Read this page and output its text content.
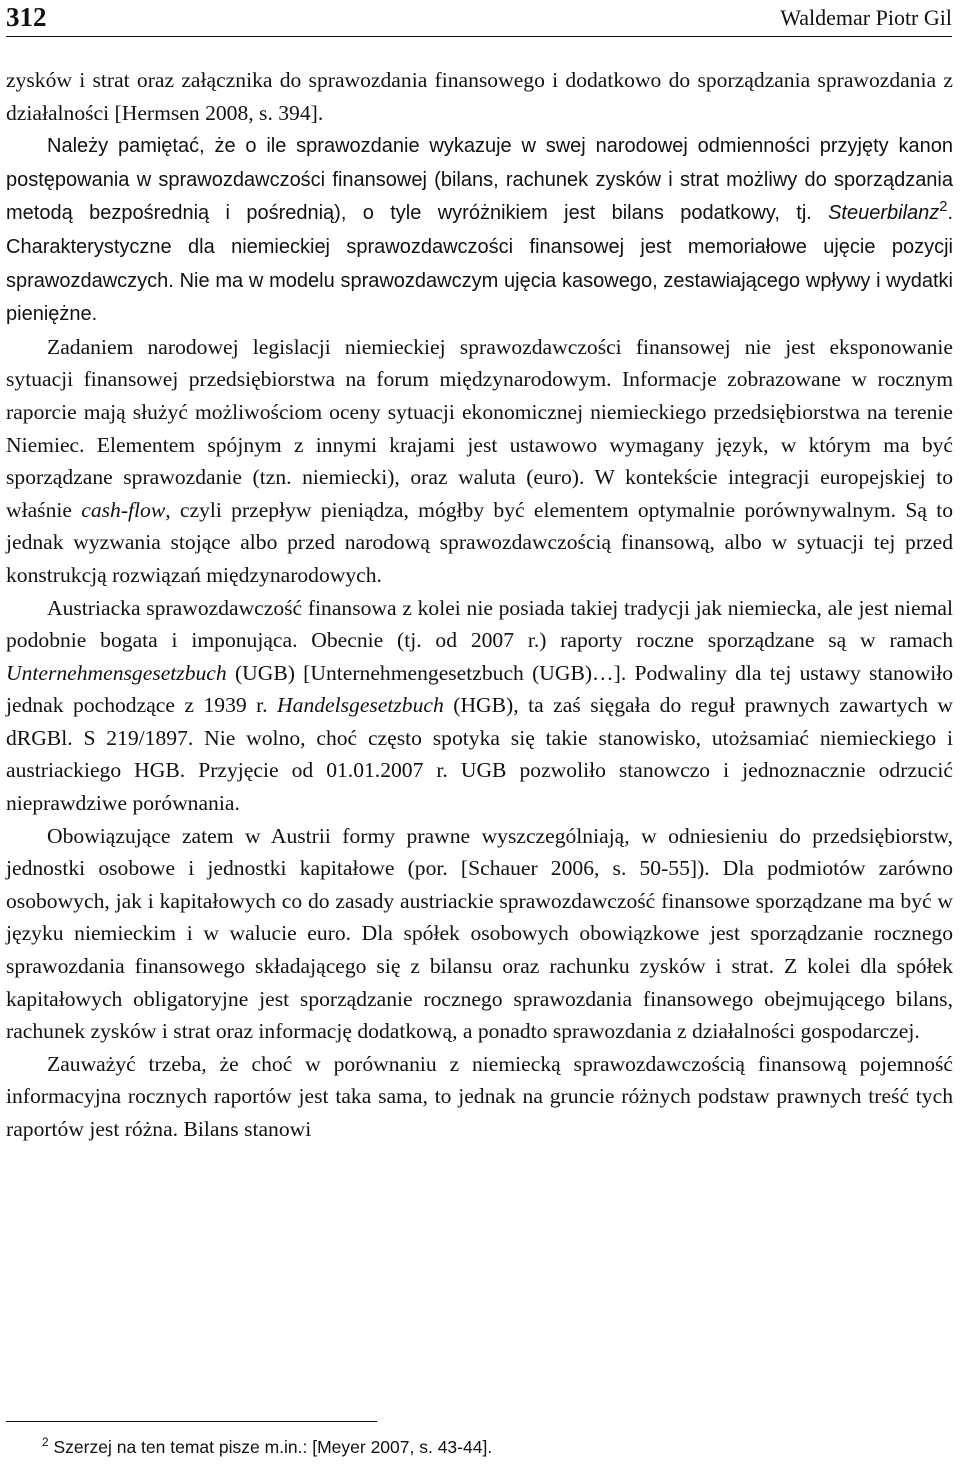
312	Waldemar Piotr Gil

zysków i strat oraz załącznika do sprawozdania finansowego i dodatkowo do sporządzania sprawozdania z działalności [Hermsen 2008, s. 394].

Należy pamiętać, że o ile sprawozdanie wykazuje w swej narodowej odmienności przyjęty kanon postępowania w sprawozdawczości finansowej (bilans, rachunek zysków i strat możliwy do sporządzania metodą bezpośrednią i pośrednią), o tyle wyróżnikiem jest bilans podatkowy, tj. Steuerbilanz$^2$. Charakterystyczne dla niemieckiej sprawozdawczości finansowej jest memoriałowe ujęcie pozycji sprawozdawczych. Nie ma w modelu sprawozdawczym ujęcia kasowego, zestawiającego wpływy i wydatki pieniężne.

Zadaniem narodowej legislacji niemieckiej sprawozdawczości finansowej nie jest eksponowanie sytuacji finansowej przedsiębiorstwa na forum międzynarodowym. Informacje zobrazowane w rocznym raporcie mają służyć możliwościom oceny sytuacji ekonomicznej niemieckiego przedsiębiorstwa na terenie Niemiec. Elementem spójnym z innymi krajami jest ustawowo wymagany język, w którym ma być sporządzane sprawozdanie (tzn. niemiecki), oraz waluta (euro). W kontekście integracji europejskiej to właśnie cash-flow, czyli przepływ pieniądza, mógłby być elementem optymalnie porównywalnym. Są to jednak wyzwania stojące albo przed narodową sprawozdawczością finansową, albo w sytuacji tej przed konstrukcją rozwiązań międzynarodowych.

Austriacka sprawozdawczość finansowa z kolei nie posiada takiej tradycji jak niemiecka, ale jest niemal podobnie bogata i imponująca. Obecnie (tj. od 2007 r.) raporty roczne sporządzane są w ramach Unternehmensgesetzbuch (UGB) [Unternehmengesetzbuch (UGB)…]. Podwaliny dla tej ustawy stanowiło jednak pochodzące z 1939 r. Handelsgesetzbuch (HGB), ta zaś sięgała do reguł prawnych zawartych w dRGBl. S 219/1897. Nie wolno, choć często spotyka się takie stanowisko, utożsamiać niemieckiego i austriackiego HGB. Przyjęcie od 01.01.2007 r. UGB pozwoliło stanowczo i jednoznacznie odrzucić nieprawdziwe porównania.

Obowiązujące zatem w Austrii formy prawne wyszczególniają, w odniesieniu do przedsiębiorstw, jednostki osobowe i jednostki kapitałowe (por. [Schauer 2006, s. 50-55]). Dla podmiotów zarówno osobowych, jak i kapitałowych co do zasady austriackie sprawozdawczość finansowe sporządzane ma być w języku niemieckim i w walucie euro. Dla spółek osobowych obowiązkowe jest sporządzanie rocznego sprawozdania finansowego składającego się z bilansu oraz rachunku zysków i strat. Z kolei dla spółek kapitałowych obligatoryjne jest sporządzanie rocznego sprawozdania finansowego obejmującego bilans, rachunek zysków i strat oraz informację dodatkową, a ponadto sprawozdania z działalności gospodarczej.

Zauważyć trzeba, że choć w porównaniu z niemiecką sprawozdawczością finansową pojemność informacyjna rocznych raportów jest taka sama, to jednak na gruncie różnych podstaw prawnych treść tych raportów jest różna. Bilans stanowi

$^2$ Szerzej na ten temat pisze m.in.: [Meyer 2007, s. 43-44].
